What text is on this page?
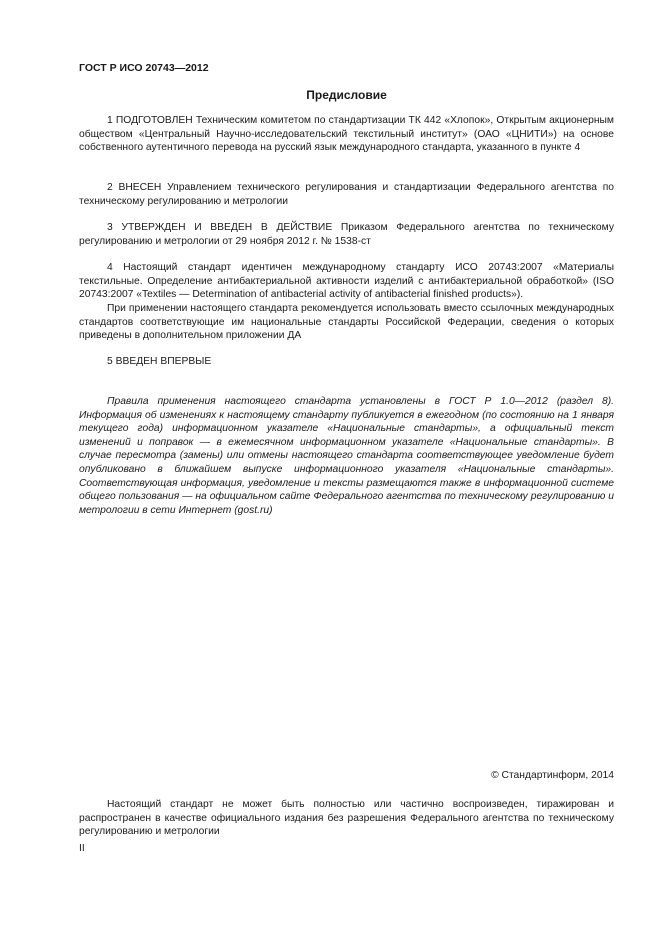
ГОСТ Р ИСО 20743—2012
Предисловие

1 ПОДГОТОВЛЕН Техническим комитетом по стандартизации ТК 442 «Хлопок», Открытым акционерным обществом «Центральный Научно-исследовательский текстильный институт» (ОАО «ЦНИТИ») на основе собственного аутентичного перевода на русский язык международного стандарта, указанного в пункте 4

2 ВНЕСЕН Управлением технического регулирования и стандартизации Федерального агентства по техническому регулированию и метрологии

3 УТВЕРЖДЕН И ВВЕДЕН В ДЕЙСТВИЕ Приказом Федерального агентства по техническому регулированию и метрологии от 29 ноября 2012 г. № 1538-ст

4 Настоящий стандарт идентичен международному стандарту ИСО 20743:2007 «Материалы текстильные. Определение антибактериальной активности изделий с антибактериальной обработкой» (ISO 20743:2007 «Textiles — Determination of antibacterial activity of antibacterial finished products»).

При применении настоящего стандарта рекомендуется использовать вместо ссылочных международных стандартов соответствующие им национальные стандарты Российской Федерации, сведения о которых приведены в дополнительном приложении ДА

5 ВВЕДЕН ВПЕРВЫЕ

Правила применения настоящего стандарта установлены в ГОСТ Р 1.0—2012 (раздел 8). Информация об изменениях к настоящему стандарту публикуется в ежегодном (по состоянию на 1 января текущего года) информационном указателе «Национальные стандарты», а официальный текст изменений и поправок — в ежемесячном информационном указателе «Национальные стандарты». В случае пересмотра (замены) или отмены настоящего стандарта соответствующее уведомление будет опубликовано в ближайшем выпуске информационного указателя «Национальные стандарты». Соответствующая информация, уведомление и тексты размещаются также в информационной системе общего пользования — на официальном сайте Федерального агентства по техническому регулированию и метрологии в сети Интернет (gost.ru)

© Стандартинформ, 2014

Настоящий стандарт не может быть полностью или частично воспроизведен, тиражирован и распространен в качестве официального издания без разрешения Федерального агентства по техническому регулированию и метрологии

II
